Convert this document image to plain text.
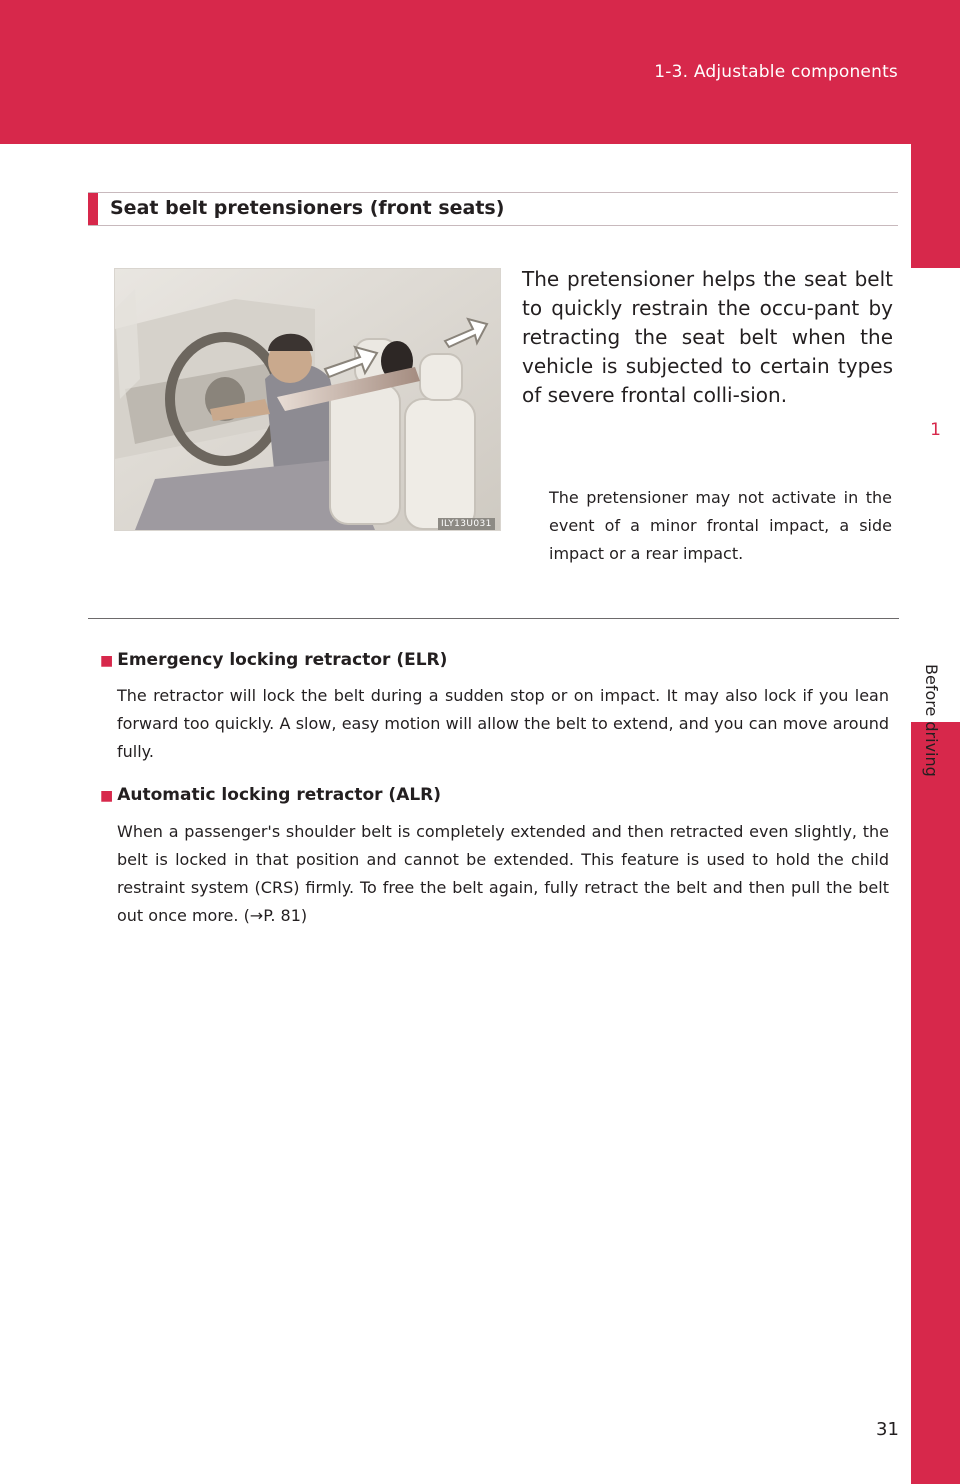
1-3. Adjustable components
1
Before driving
Seat belt pretensioners (front seats)
ILY13U031
The pretensioner helps the seat belt to quickly restrain the occu-pant by retracting the seat belt when the vehicle is subjected to certain types of severe frontal colli-sion.
The pretensioner may not activate in the event of a minor frontal impact, a side impact or a rear impact.
■ Emergency locking retractor (ELR)
The retractor will lock the belt during a sudden stop or on impact. It may also lock if you lean forward too quickly. A slow, easy motion will allow the belt to extend, and you can move around fully.
■ Automatic locking retractor (ALR)
When a passenger's shoulder belt is completely extended and then retracted even slightly, the belt is locked in that position and cannot be extended. This feature is used to hold the child restraint system (CRS) firmly. To free the belt again, fully retract the belt and then pull the belt out once more. (→P. 81)
31
